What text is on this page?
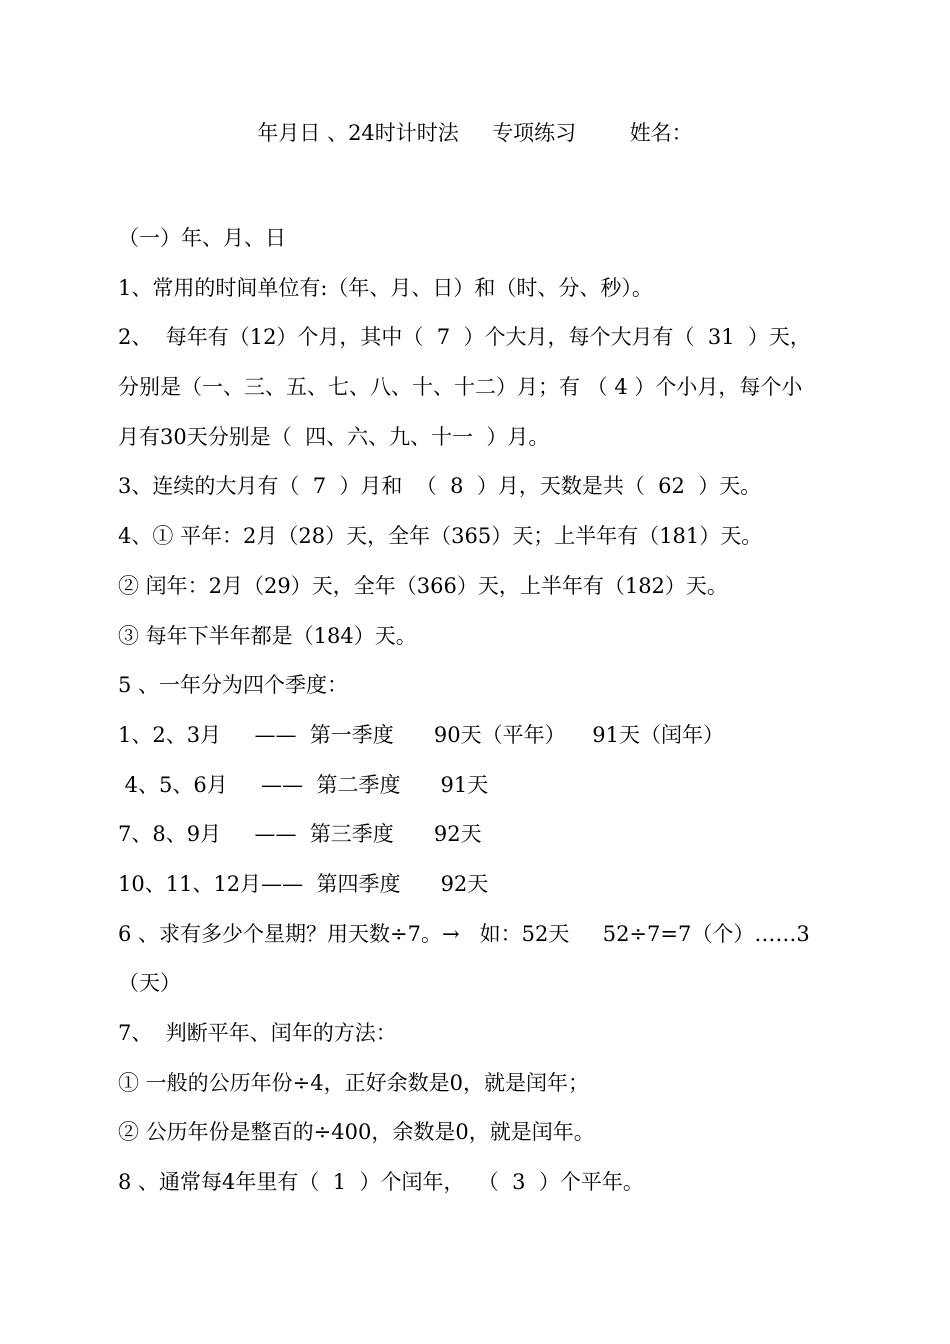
年月日 、24时计时法 专项练习	姓名：
（一）年、月、日
1、常用的时间单位有:（年、月、日）和（时、分、秒）。
2、  每年有（12）个月，其中（  7  ）个大月，每个大月有（  31  ）天，
分别是（一、三、五、七、八、十、十二）月；有 （ 4 ）个小月，每个小
月有30天分别是（  四、六、九、十一  ）月。
3、连续的大月有（  7  ）月和  （  8  ）月，天数是共（  62  ）天。
4、① 平年：2月（28）天，全年（365）天；上半年有（181）天。
② 闰年：2月（29）天，全年（366）天，上半年有（182）天。
③ 每年下半年都是（184）天。
5 、一年分为四个季度：
1、2、3月     ——  第一季度      90天（平年）    91天（闰年）
4、5、6月     ——  第二季度      91天
7、8、9月     ——  第三季度      92天
10、11、12月——  第四季度      92天
6 、求有多少个星期？用天数÷7。→   如：52天     52÷7=7（个）……3
（天）
7、  判断平年、闰年的方法：
① 一般的公历年份÷4，正好余数是0，就是闰年；
② 公历年份是整百的÷400，余数是0，就是闰年。
8 、通常每4年里有（  1  ）个闰年，  （  3  ）个平年。
